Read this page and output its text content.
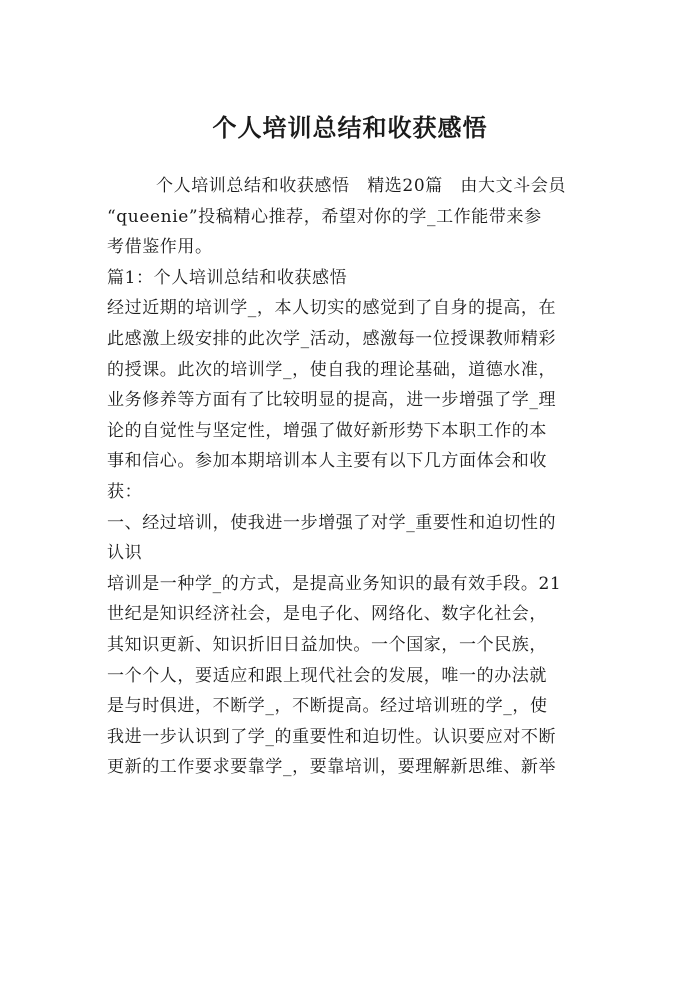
个人培训总结和收获感悟
个人培训总结和收获感悟　精选20篇　由大文斗会员
“queenie”投稿精心推荐，希望对你的学_工作能带来参
考借鉴作用。
篇1：个人培训总结和收获感悟
经过近期的培训学_，本人切实的感觉到了自身的提高，在
此感激上级安排的此次学_活动，感激每一位授课教师精彩
的授课。此次的培训学_，使自我的理论基础，道德水准，
业务修养等方面有了比较明显的提高，进一步增强了学_理
论的自觉性与坚定性，增强了做好新形势下本职工作的本
事和信心。参加本期培训本人主要有以下几方面体会和收
获：
一、经过培训，使我进一步增强了对学_重要性和迫切性的
认识
培训是一种学_的方式，是提高业务知识的最有效手段。21
世纪是知识经济社会，是电子化、网络化、数字化社会，
其知识更新、知识折旧日益加快。一个国家，一个民族，
一个个人，要适应和跟上现代社会的发展，唯一的办法就
是与时俱进，不断学_，不断提高。经过培训班的学_，使
我进一步认识到了学_的重要性和迫切性。认识要应对不断
更新的工作要求要靠学_，要靠培训，要理解新思维、新举
